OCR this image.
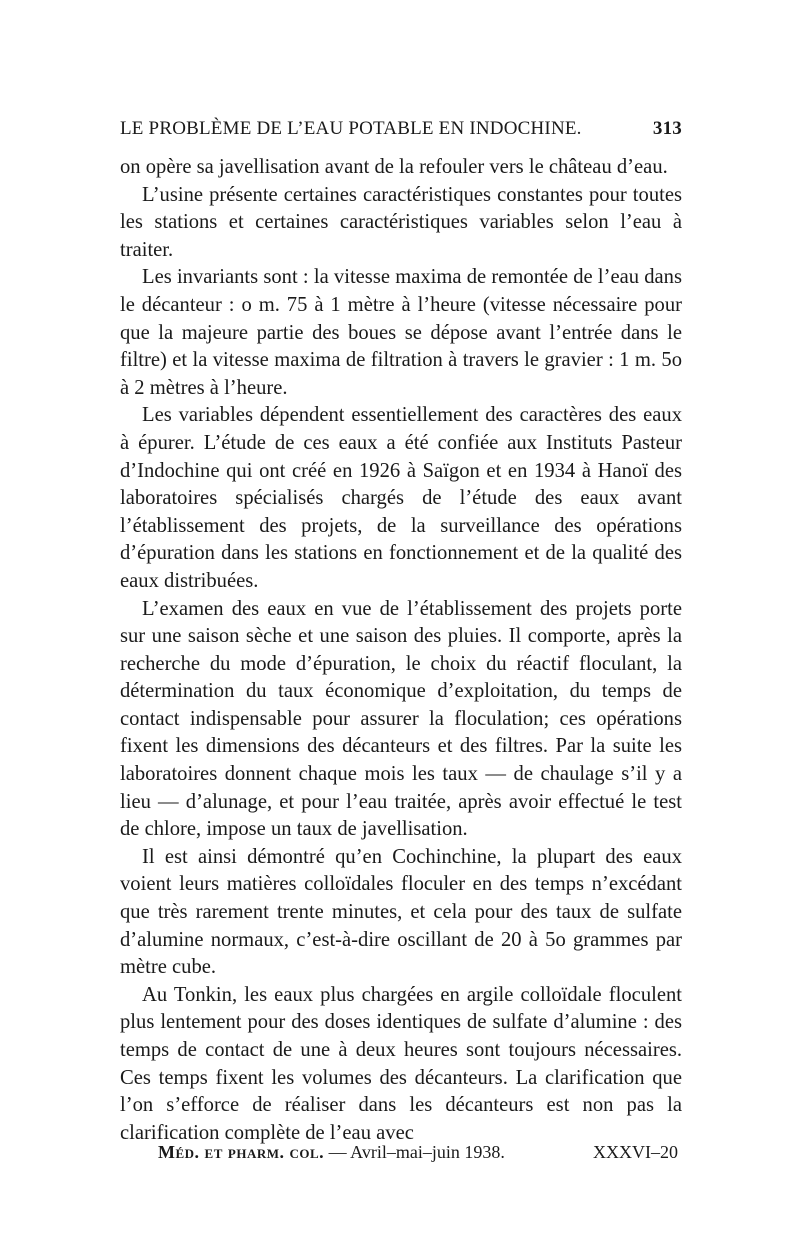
LE PROBLÈME DE L’EAU POTABLE EN INDOCHINE.	313

on opère sa javellisation avant de la refouler vers le château d’eau.

L’usine présente certaines caractéristiques constantes pour toutes les stations et certaines caractéristiques variables selon l’eau à traiter.

Les invariants sont : la vitesse maxima de remontée de l’eau dans le décanteur : o m. 75 à 1 mètre à l’heure (vitesse nécessaire pour que la majeure partie des boues se dépose avant l’entrée dans le filtre) et la vitesse maxima de filtration à travers le gravier : 1 m. 5o à 2 mètres à l’heure.

Les variables dépendent essentiellement des caractères des eaux à épurer. L’étude de ces eaux a été confiée aux Instituts Pasteur d’Indochine qui ont créé en 1926 à Saïgon et en 1934 à Hanoï des laboratoires spécialisés chargés de l’étude des eaux avant l’établissement des projets, de la surveillance des opérations d’épuration dans les stations en fonctionnement et de la qualité des eaux distribuées.

L’examen des eaux en vue de l’établissement des projets porte sur une saison sèche et une saison des pluies. Il comporte, après la recherche du mode d’épuration, le choix du réactif floculant, la détermination du taux économique d’exploitation, du temps de contact indispensable pour assurer la floculation; ces opérations fixent les dimensions des décanteurs et des filtres. Par la suite les laboratoires donnent chaque mois les taux — de chaulage s’il y a lieu — d’alunage, et pour l’eau traitée, après avoir effectué le test de chlore, impose un taux de javellisation.

Il est ainsi démontré qu’en Cochinchine, la plupart des eaux voient leurs matières colloïdales floculer en des temps n’excédant que très rarement trente minutes, et cela pour des taux de sulfate d’alumine normaux, c’est-à-dire oscillant de 20 à 5o grammes par mètre cube.

Au Tonkin, les eaux plus chargées en argile colloïdale floculent plus lentement pour des doses identiques de sulfate d’alumine : des temps de contact de une à deux heures sont toujours nécessaires. Ces temps fixent les volumes des décanteurs. La clarification que l’on s’efforce de réaliser dans les décanteurs est non pas la clarification complète de l’eau avec

Méd. et pharm. col. — Avril–mai–juin 1938.	XXXVI–20
